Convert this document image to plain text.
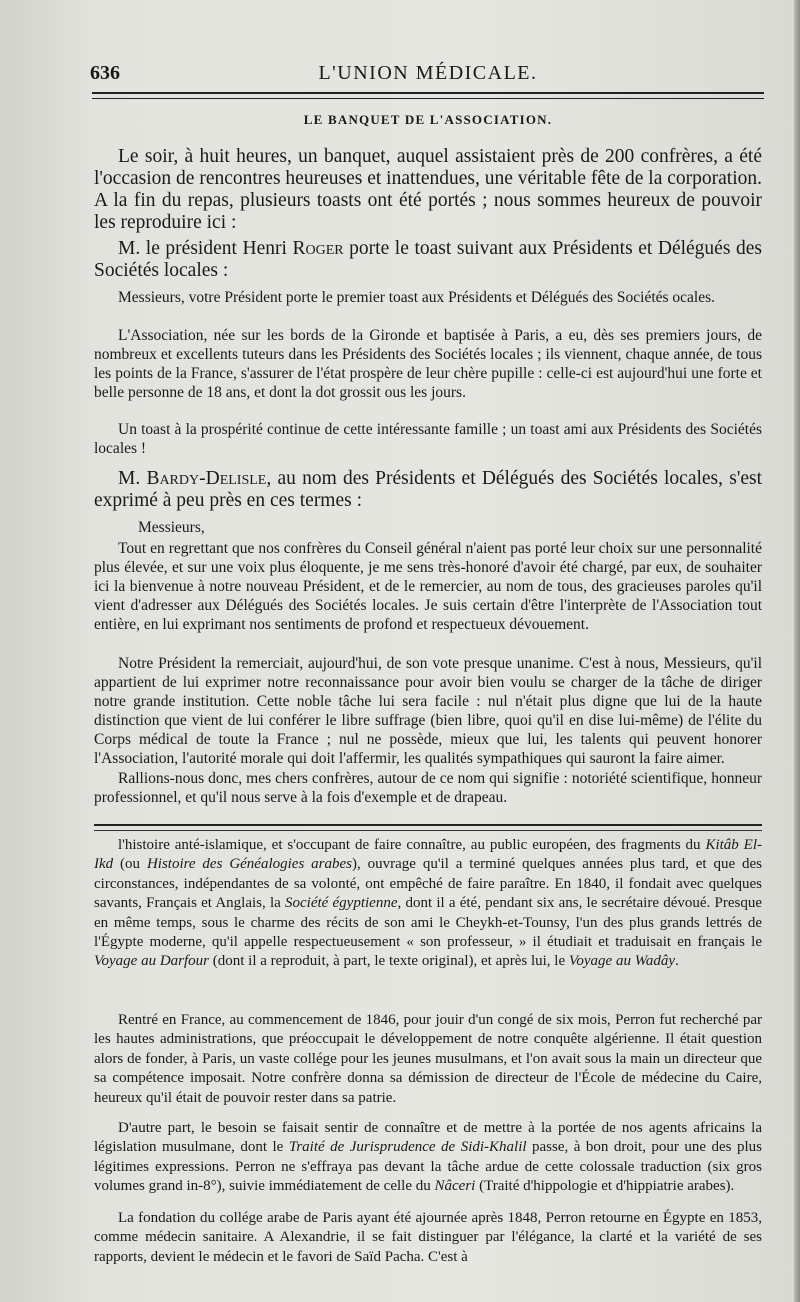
636	L'UNION MÉDICALE.
LE BANQUET DE L'ASSOCIATION.

Le soir, à huit heures, un banquet, auquel assistaient près de 200 confrères, a été l'occasion de rencontres heureuses et inattendues, une véritable fête de la corporation. A la fin du repas, plusieurs toasts ont été portés ; nous sommes heureux de pouvoir les reproduire ici :

M. le président Henri Roger porte le toast suivant aux Présidents et Délégués des Sociétés locales :

Messieurs, votre Président porte le premier toast aux Présidents et Délégués des Sociétés ocales.

L'Association, née sur les bords de la Gironde et baptisée à Paris, a eu, dès ses premiers jours, de nombreux et excellents tuteurs dans les Présidents des Sociétés locales ; ils viennent, chaque année, de tous les points de la France, s'assurer de l'état prospère de leur chère pupille : celle-ci est aujourd'hui une forte et belle personne de 18 ans, et dont la dot grossit ous les jours.

Un toast à la prospérité continue de cette intéressante famille ; un toast ami aux Présidents des Sociétés locales !

M. Bardy-Delisle, au nom des Présidents et Délégués des Sociétés locales, s'est exprimé à peu près en ces termes :

Messieurs,

Tout en regrettant que nos confrères du Conseil général n'aient pas porté leur choix sur une personnalité plus élevée, et sur une voix plus éloquente, je me sens très-honoré d'avoir été chargé, par eux, de souhaiter ici la bienvenue à notre nouveau Président, et de le remercier, au nom de tous, des gracieuses paroles qu'il vient d'adresser aux Délégués des Sociétés locales. Je suis certain d'être l'interprète de l'Association tout entière, en lui exprimant nos sentiments de profond et respectueux dévouement.

Notre Président la remerciait, aujourd'hui, de son vote presque unanime. C'est à nous, Messieurs, qu'il appartient de lui exprimer notre reconnaissance pour avoir bien voulu se charger de la tâche de diriger notre grande institution. Cette noble tâche lui sera facile : nul n'était plus digne que lui de la haute distinction que vient de lui conférer le libre suffrage (bien libre, quoi qu'il en dise lui-même) de l'élite du Corps médical de toute la France ; nul ne possède, mieux que lui, les talents qui peuvent honorer l'Association, l'autorité morale qui doit l'affermir, les qualités sympathiques qui sauront la faire aimer.

Rallions-nous donc, mes chers confrères, autour de ce nom qui signifie : notoriété scientifique, honneur professionnel, et qu'il nous serve à la fois d'exemple et de drapeau.

l'histoire anté-islamique, et s'occupant de faire connaître, au public européen, des fragments du Kitâb El-Ikd (ou Histoire des Généalogies arabes), ouvrage qu'il a terminé quelques années plus tard, et que des circonstances, indépendantes de sa volonté, ont empêché de faire paraître. En 1840, il fondait avec quelques savants, Français et Anglais, la Société égyptienne, dont il a été, pendant six ans, le secrétaire dévoué. Presque en même temps, sous le charme des récits de son ami le Cheykh-et-Tounsy, l'un des plus grands lettrés de l'Égypte moderne, qu'il appelle respectueusement « son professeur, » il étudiait et traduisait en français le Voyage au Darfour (dont il a reproduit, à part, le texte original), et après lui, le Voyage au Wadây.

Rentré en France, au commencement de 1846, pour jouir d'un congé de six mois, Perron fut recherché par les hautes administrations, que préoccupait le développement de notre conquête algérienne. Il était question alors de fonder, à Paris, un vaste collége pour les jeunes musulmans, et l'on avait sous la main un directeur que sa compétence imposait. Notre confrère donna sa démission de directeur de l'École de médecine du Caire, heureux qu'il était de pouvoir rester dans sa patrie.

D'autre part, le besoin se faisait sentir de connaître et de mettre à la portée de nos agents africains la législation musulmane, dont le Traité de Jurisprudence de Sidi-Khalil passe, à bon droit, pour une des plus légitimes expressions. Perron ne s'effraya pas devant la tâche ardue de cette colossale traduction (six gros volumes grand in-8°), suivie immédiatement de celle du Nâceri (Traité d'hippologie et d'hippiatrie arabes).

La fondation du collége arabe de Paris ayant été ajournée après 1848, Perron retourne en Égypte en 1853, comme médecin sanitaire. A Alexandrie, il se fait distinguer par l'élégance, la clarté et la variété de ses rapports, devient le médecin et le favori de Saïd Pacha. C'est à
